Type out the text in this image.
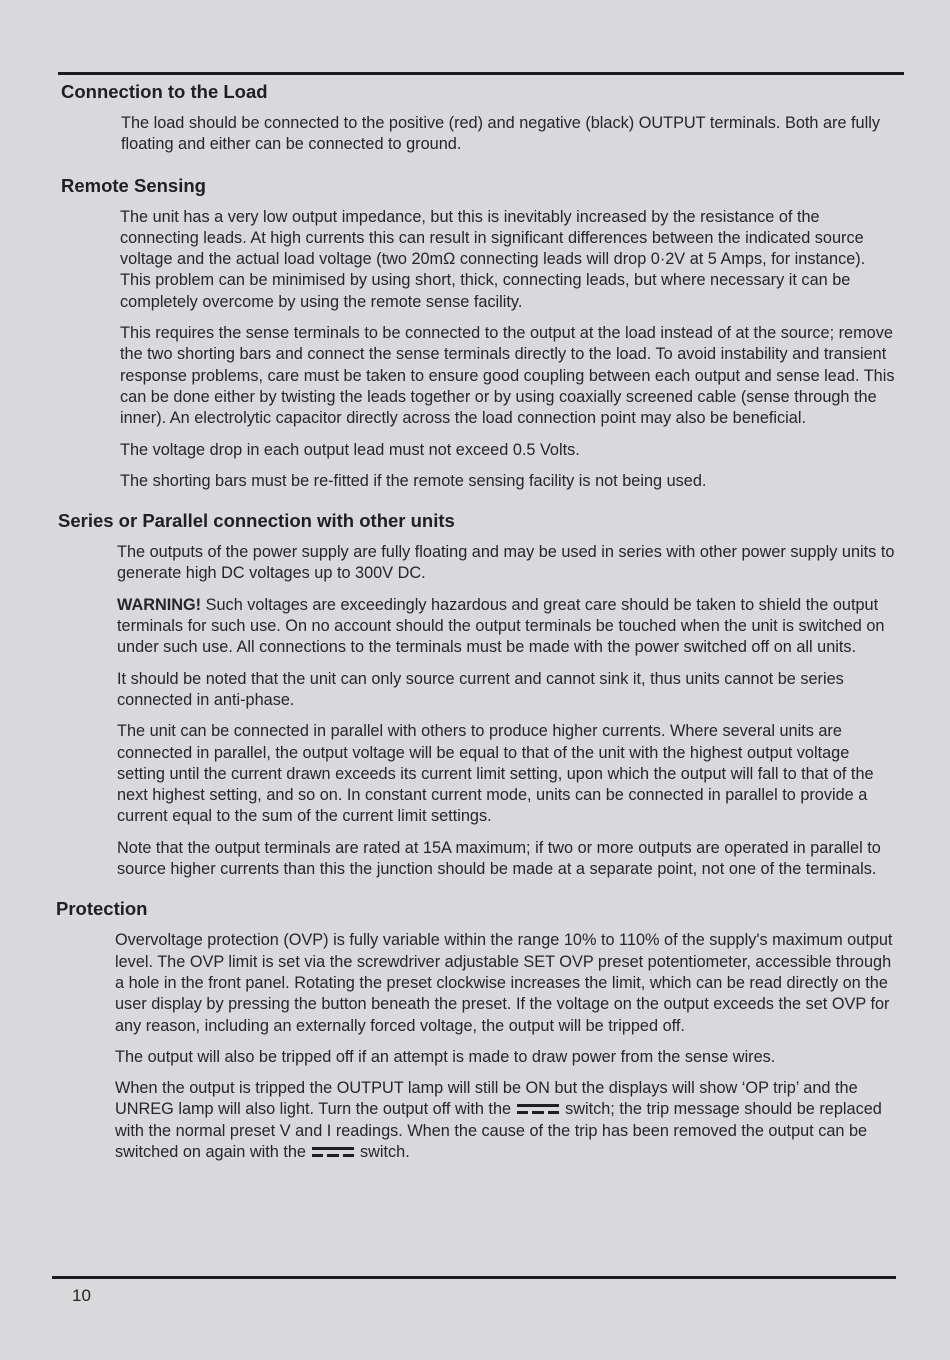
Connection to the Load

The load should be connected to the positive (red) and negative (black) OUTPUT terminals. Both are fully floating and either can be connected to ground.

Remote Sensing

The unit has a very low output impedance, but this is inevitably increased by the resistance of the connecting leads. At high currents this can result in significant differences between the indicated source voltage and the actual load voltage (two 20mΩ connecting leads will drop 0·2V at 5 Amps, for instance). This problem can be minimised by using short, thick, connecting leads, but where necessary it can be completely overcome by using the remote sense facility.

This requires the sense terminals to be connected to the output at the load instead of at the source; remove the two shorting bars and connect the sense terminals directly to the load. To avoid instability and transient response problems, care must be taken to ensure good coupling between each output and sense lead. This can be done either by twisting the leads together or by using coaxially screened cable (sense through the inner). An electrolytic capacitor directly across the load connection point may also be beneficial.

The voltage drop in each output lead must not exceed 0.5 Volts.

The shorting bars must be re-fitted if the remote sensing facility is not being used.

Series or Parallel connection with other units

The outputs of the power supply are fully floating and may be used in series with other power supply units to generate high DC voltages up to 300V DC.

WARNING! Such voltages are exceedingly hazardous and great care should be taken to shield the output terminals for such use. On no account should the output terminals be touched when the unit is switched on under such use. All connections to the terminals must be made with the power switched off on all units.

It should be noted that the unit can only source current and cannot sink it, thus units cannot be series connected in anti-phase.

The unit can be connected in parallel with others to produce higher currents. Where several units are connected in parallel, the output voltage will be equal to that of the unit with the highest output voltage setting until the current drawn exceeds its current limit setting, upon which the output will fall to that of the next highest setting, and so on. In constant current mode, units can be connected in parallel to provide a current equal to the sum of the current limit settings.

Note that the output terminals are rated at 15A maximum; if two or more outputs are operated in parallel to source higher currents than this the junction should be made at a separate point, not one of the terminals.

Protection

Overvoltage protection (OVP) is fully variable within the range 10% to 110% of the supply's maximum output level. The OVP limit is set via the screwdriver adjustable SET OVP preset potentiometer, accessible through a hole in the front panel. Rotating the preset clockwise increases the limit, which can be read directly on the user display by pressing the button beneath the preset. If the voltage on the output exceeds the set OVP for any reason, including an externally forced voltage, the output will be tripped off.

The output will also be tripped off if an attempt is made to draw power from the sense wires.

When the output is tripped the OUTPUT lamp will still be ON but the displays will show ‘OP trip’ and the UNREG lamp will also light. Turn the output off with the	switch; the trip message should be replaced with the normal preset V and I readings. When the cause of the trip has been removed the output can be switched on again with the	switch.

10
